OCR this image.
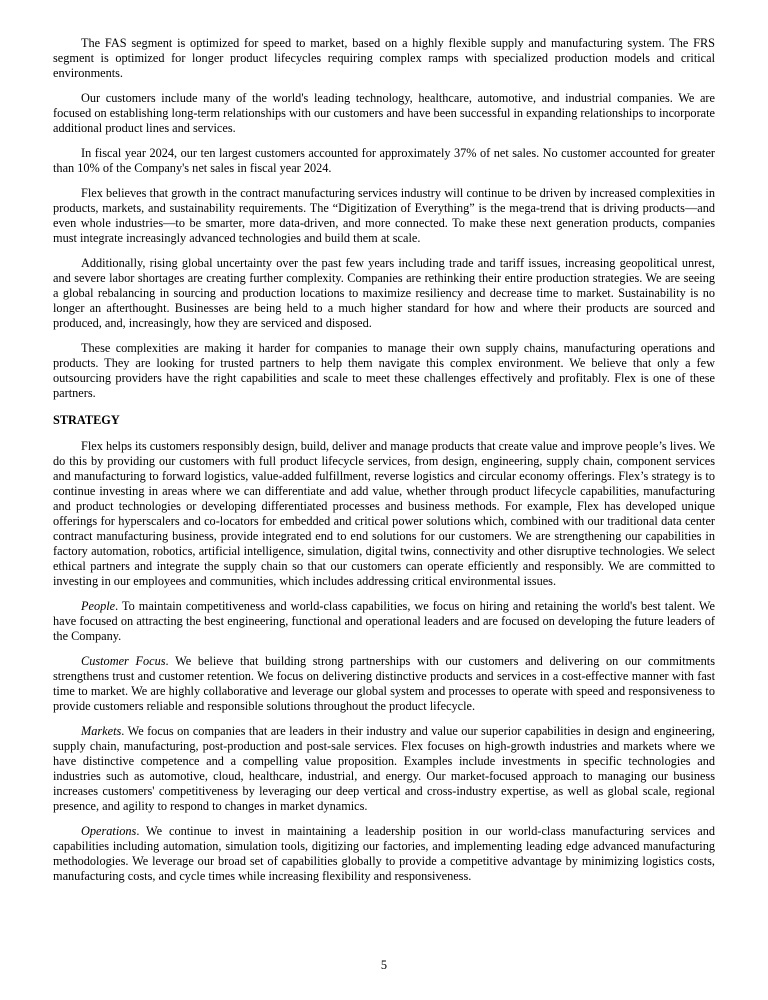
The FAS segment is optimized for speed to market, based on a highly flexible supply and manufacturing system. The FRS segment is optimized for longer product lifecycles requiring complex ramps with specialized production models and critical environments.

Our customers include many of the world's leading technology, healthcare, automotive, and industrial companies. We are focused on establishing long-term relationships with our customers and have been successful in expanding relationships to incorporate additional product lines and services.

In fiscal year 2024, our ten largest customers accounted for approximately 37% of net sales. No customer accounted for greater than 10% of the Company's net sales in fiscal year 2024.

Flex believes that growth in the contract manufacturing services industry will continue to be driven by increased complexities in products, markets, and sustainability requirements. The “Digitization of Everything” is the mega-trend that is driving products—and even whole industries—to be smarter, more data-driven, and more connected. To make these next generation products, companies must integrate increasingly advanced technologies and build them at scale.

Additionally, rising global uncertainty over the past few years including trade and tariff issues, increasing geopolitical unrest, and severe labor shortages are creating further complexity. Companies are rethinking their entire production strategies. We are seeing a global rebalancing in sourcing and production locations to maximize resiliency and decrease time to market. Sustainability is no longer an afterthought. Businesses are being held to a much higher standard for how and where their products are sourced and produced, and, increasingly, how they are serviced and disposed.

These complexities are making it harder for companies to manage their own supply chains, manufacturing operations and products. They are looking for trusted partners to help them navigate this complex environment. We believe that only a few outsourcing providers have the right capabilities and scale to meet these challenges effectively and profitably. Flex is one of these partners.

STRATEGY

Flex helps its customers responsibly design, build, deliver and manage products that create value and improve people’s lives. We do this by providing our customers with full product lifecycle services, from design, engineering, supply chain, component services and manufacturing to forward logistics, value-added fulfillment, reverse logistics and circular economy offerings. Flex’s strategy is to continue investing in areas where we can differentiate and add value, whether through product lifecycle capabilities, manufacturing and product technologies or developing differentiated processes and business methods. For example, Flex has developed unique offerings for hyperscalers and co-locators for embedded and critical power solutions which, combined with our traditional data center contract manufacturing business, provide integrated end to end solutions for our customers. We are strengthening our capabilities in factory automation, robotics, artificial intelligence, simulation, digital twins, connectivity and other disruptive technologies. We select ethical partners and integrate the supply chain so that our customers can operate efficiently and responsibly. We are committed to investing in our employees and communities, which includes addressing critical environmental issues.

People. To maintain competitiveness and world-class capabilities, we focus on hiring and retaining the world's best talent. We have focused on attracting the best engineering, functional and operational leaders and are focused on developing the future leaders of the Company.

Customer Focus. We believe that building strong partnerships with our customers and delivering on our commitments strengthens trust and customer retention. We focus on delivering distinctive products and services in a cost-effective manner with fast time to market. We are highly collaborative and leverage our global system and processes to operate with speed and responsiveness to provide customers reliable and responsible solutions throughout the product lifecycle.

Markets. We focus on companies that are leaders in their industry and value our superior capabilities in design and engineering, supply chain, manufacturing, post-production and post-sale services. Flex focuses on high-growth industries and markets where we have distinctive competence and a compelling value proposition. Examples include investments in specific technologies and industries such as automotive, cloud, healthcare, industrial, and energy. Our market-focused approach to managing our business increases customers' competitiveness by leveraging our deep vertical and cross-industry expertise, as well as global scale, regional presence, and agility to respond to changes in market dynamics.

Operations. We continue to invest in maintaining a leadership position in our world-class manufacturing services and capabilities including automation, simulation tools, digitizing our factories, and implementing leading edge advanced manufacturing methodologies. We leverage our broad set of capabilities globally to provide a competitive advantage by minimizing logistics costs, manufacturing costs, and cycle times while increasing flexibility and responsiveness.

5
